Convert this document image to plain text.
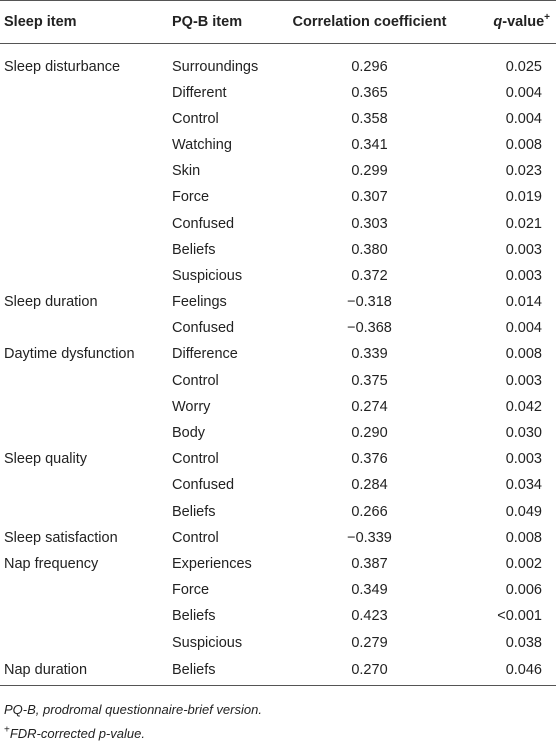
Sleep item	PQ-B item	Correlation coefficient	q-value+
Sleep disturbance	Surroundings	0.296	0.025
	Different	0.365	0.004
	Control	0.358	0.004
	Watching	0.341	0.008
	Skin	0.299	0.023
	Force	0.307	0.019
	Confused	0.303	0.021
	Beliefs	0.380	0.003
	Suspicious	0.372	0.003
Sleep duration	Feelings	−0.318	0.014
	Confused	−0.368	0.004
Daytime dysfunction	Difference	0.339	0.008
	Control	0.375	0.003
	Worry	0.274	0.042
	Body	0.290	0.030
Sleep quality	Control	0.376	0.003
	Confused	0.284	0.034
	Beliefs	0.266	0.049
Sleep satisfaction	Control	−0.339	0.008
Nap frequency	Experiences	0.387	0.002
	Force	0.349	0.006
	Beliefs	0.423	<0.001
	Suspicious	0.279	0.038
Nap duration	Beliefs	0.270	0.046
PQ-B, prodromal questionnaire-brief version.
+FDR-corrected p-value.
